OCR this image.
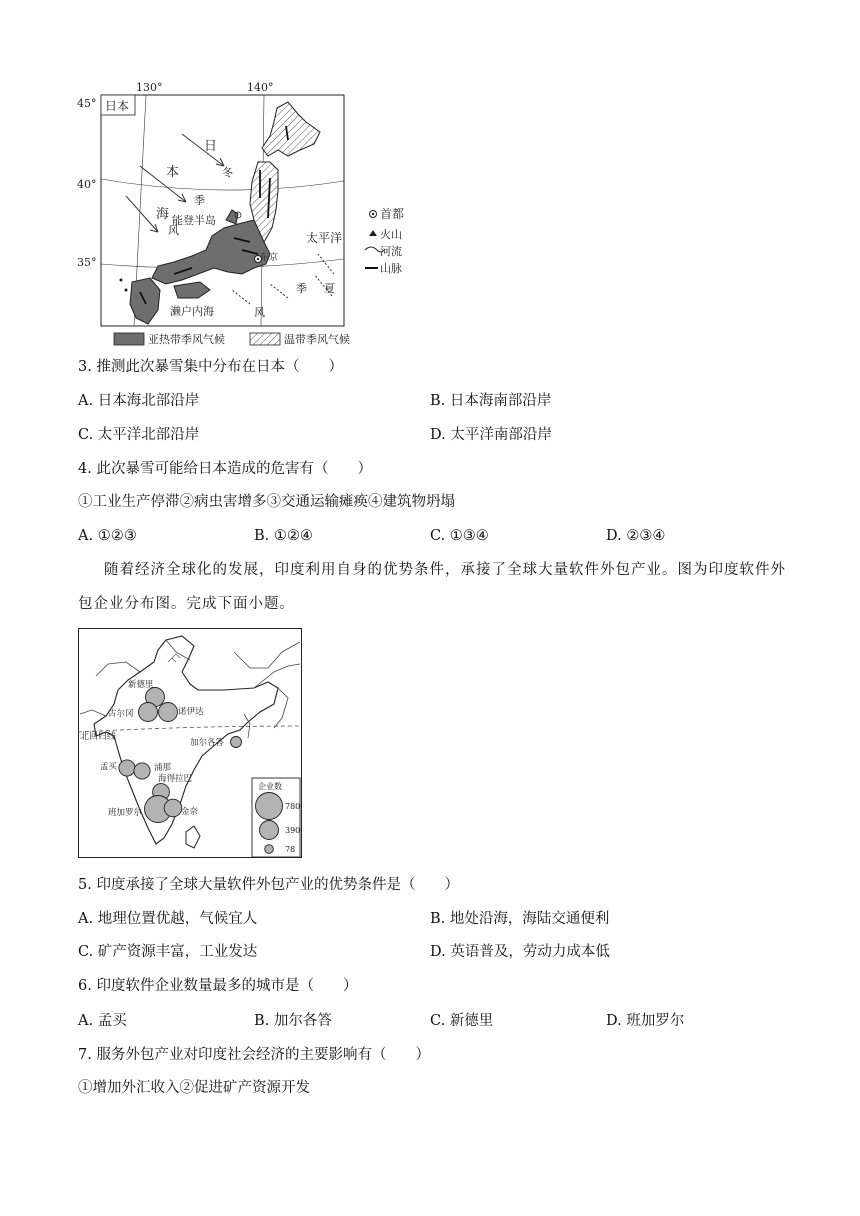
日本
130°	140°
45°
40°
35°	东京
日
本
海
冬
季
风
夏
季
风
能登半岛
太平洋
濑户内海
首都
火山
河流
山脉
亚热带季风气候	温带季风气候
3. 推测此次暴雪集中分布在日本（　　）
A. 日本海北部沿岸	B. 日本海南部沿岸
C. 太平洋北部沿岸	D. 太平洋南部沿岸
4. 此次暴雪可能给日本造成的危害有（　　）
①工业生产停滞②病虫害增多③交通运输瘫痪④建筑物坍塌
A. ①②③	B. ①②④	C. ①③④	D. ②③④
随着经济全球化的发展，印度利用自身的优势条件，承接了全球大量软件外包产业。图为印度软件外
包企业分布图。完成下面小题。
北回归线
新德里
古尔冈	诺伊达
加尔各答
孟买	浦那
海得拉巴
班加罗尔	金奈
企业数
780
390
78
5. 印度承接了全球大量软件外包产业的优势条件是（　　）
A. 地理位置优越，气候宜人	B. 地处沿海，海陆交通便利
C. 矿产资源丰富，工业发达	D. 英语普及，劳动力成本低
6. 印度软件企业数量最多的城市是（　　）
A. 孟买	B. 加尔各答	C. 新德里	D. 班加罗尔
7. 服务外包产业对印度社会经济的主要影响有（　　）
①增加外汇收入②促进矿产资源开发
